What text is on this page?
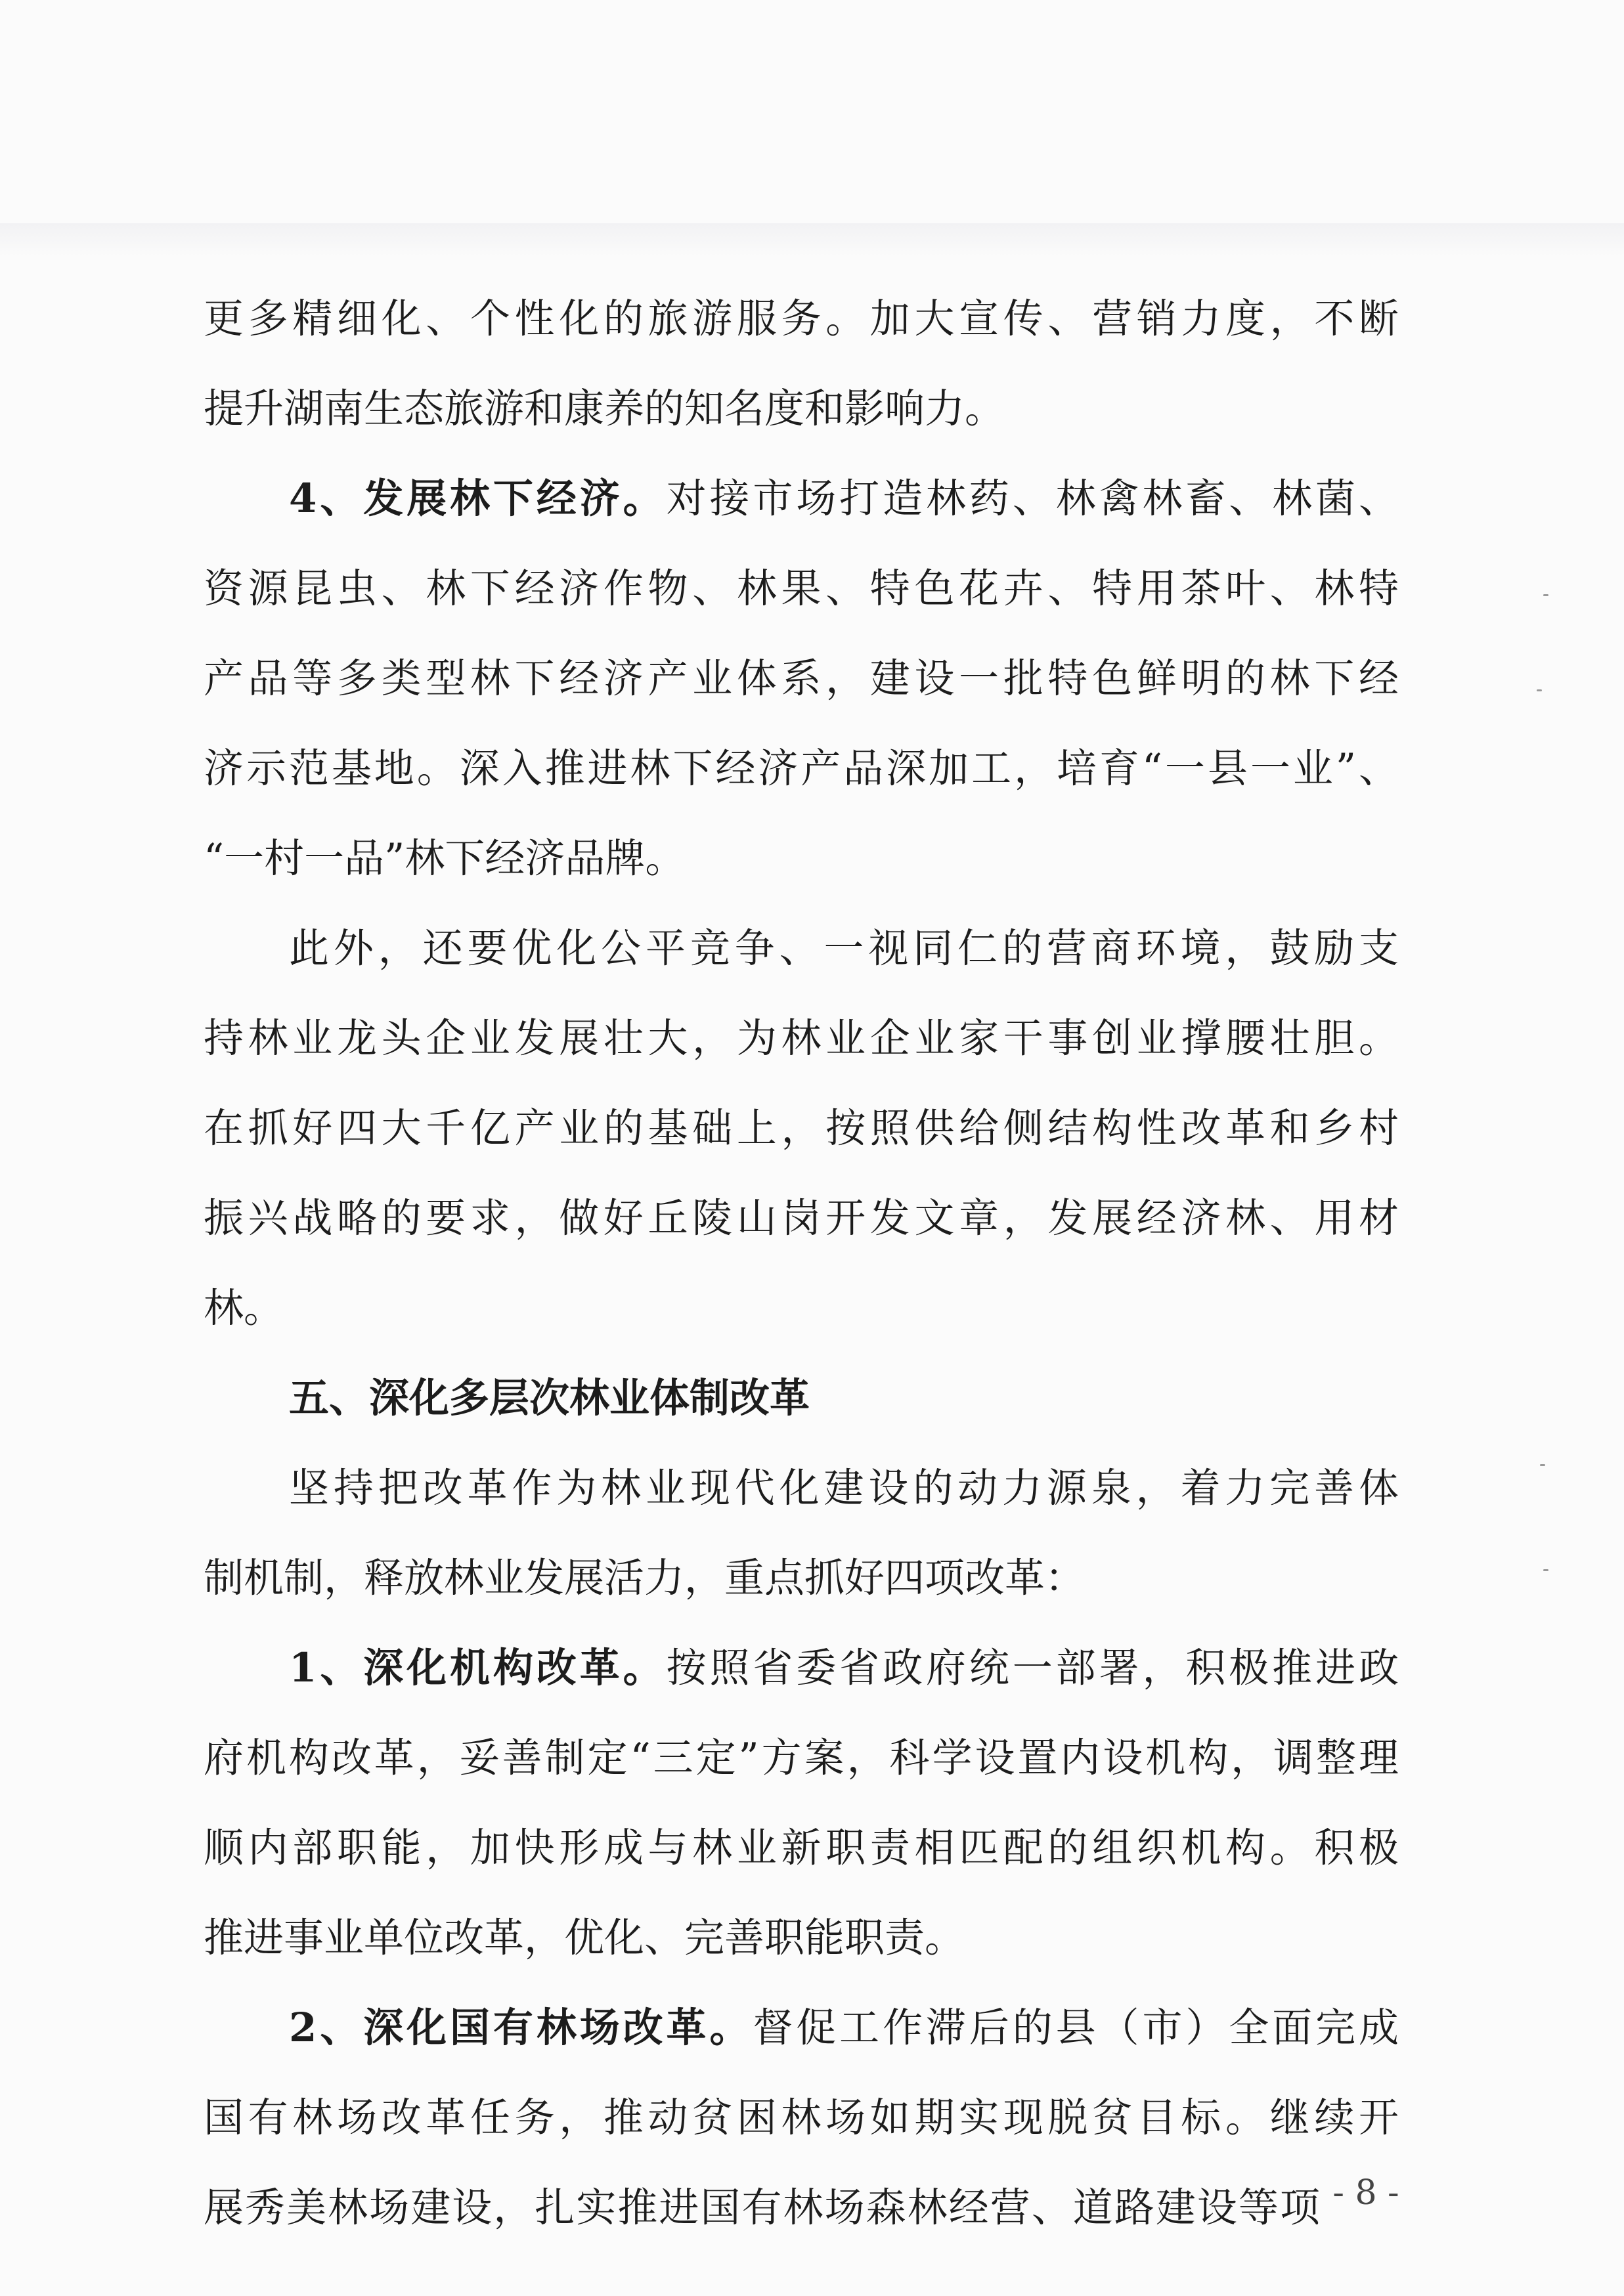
更多精细化、个性化的旅游服务。加大宣传、营销力度，不断
提升湖南生态旅游和康养的知名度和影响力。
4、发展林下经济。对接市场打造林药、林禽林畜、林菌、
资源昆虫、林下经济作物、林果、特色花卉、特用茶叶、林特
产品等多类型林下经济产业体系，建设一批特色鲜明的林下经
济示范基地。深入推进林下经济产品深加工，培育“一县一业”、
“一村一品”林下经济品牌。
此外，还要优化公平竞争、一视同仁的营商环境，鼓励支
持林业龙头企业发展壮大，为林业企业家干事创业撑腰壮胆。
在抓好四大千亿产业的基础上，按照供给侧结构性改革和乡村
振兴战略的要求，做好丘陵山岗开发文章，发展经济林、用材
林。
五、深化多层次林业体制改革
坚持把改革作为林业现代化建设的动力源泉，着力完善体
制机制，释放林业发展活力，重点抓好四项改革：
1、深化机构改革。按照省委省政府统一部署，积极推进政
府机构改革，妥善制定“三定”方案，科学设置内设机构，调整理
顺内部职能，加快形成与林业新职责相匹配的组织机构。积极
推进事业单位改革，优化、完善职能职责。
2、深化国有林场改革。督促工作滞后的县（市）全面完成
国有林场改革任务，推动贫困林场如期实现脱贫目标。继续开
展秀美林场建设，扎实推进国有林场森林经营、道路建设等项 - 8 -
